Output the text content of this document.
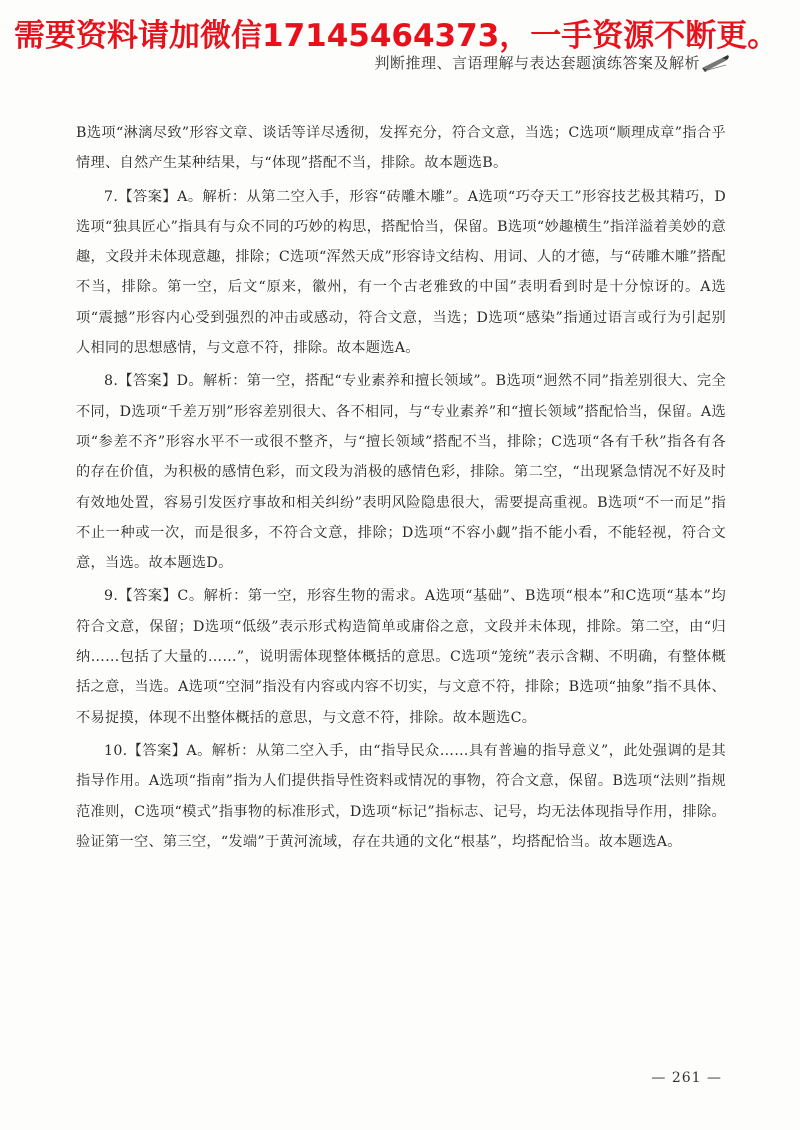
需要资料请加微信17145464373，一手资源不断更。
判断推理、言语理解与表达套题演练答案及解析

B选项“淋漓尽致”形容文章、谈话等详尽透彻，发挥充分，符合文意，当选；C选项“顺理成章”指合乎情理、自然产生某种结果，与“体现”搭配不当，排除。故本题选B。

7.【答案】A。解析：从第二空入手，形容“砖雕木雕”。A选项“巧夺天工”形容技艺极其精巧，D选项“独具匠心”指具有与众不同的巧妙的构思，搭配恰当，保留。B选项“妙趣横生”指洋溢着美妙的意趣，文段并未体现意趣，排除；C选项“浑然天成”形容诗文结构、用词、人的才德，与“砖雕木雕”搭配不当，排除。第一空，后文“原来，徽州，有一个古老雅致的中国”表明看到时是十分惊讶的。A选项“震撼”形容内心受到强烈的冲击或感动，符合文意，当选；D选项“感染”指通过语言或行为引起别人相同的思想感情，与文意不符，排除。故本题选A。

8.【答案】D。解析：第一空，搭配“专业素养和擅长领域”。B选项“迥然不同”指差别很大、完全不同，D选项“千差万别”形容差别很大、各不相同，与“专业素养”和“擅长领域”搭配恰当，保留。A选项“参差不齐”形容水平不一或很不整齐，与“擅长领域”搭配不当，排除；C选项“各有千秋”指各有各的存在价值，为积极的感情色彩，而文段为消极的感情色彩，排除。第二空，“出现紧急情况不好及时有效地处置，容易引发医疗事故和相关纠纷”表明风险隐患很大，需要提高重视。B选项“不一而足”指不止一种或一次，而是很多，不符合文意，排除；D选项“不容小觑”指不能小看，不能轻视，符合文意，当选。故本题选D。

9.【答案】C。解析：第一空，形容生物的需求。A选项“基础”、B选项“根本”和C选项“基本”均符合文意，保留；D选项“低级”表示形式构造简单或庸俗之意，文段并未体现，排除。第二空，由“归纳……包括了大量的……”，说明需体现整体概括的意思。C选项“笼统”表示含糊、不明确，有整体概括之意，当选。A选项“空洞”指没有内容或内容不切实，与文意不符，排除；B选项“抽象”指不具体、不易捉摸，体现不出整体概括的意思，与文意不符，排除。故本题选C。

10.【答案】A。解析：从第二空入手，由“指导民众……具有普遍的指导意义”，此处强调的是其指导作用。A选项“指南”指为人们提供指导性资料或情况的事物，符合文意，保留。B选项“法则”指规范准则，C选项“模式”指事物的标准形式，D选项“标记”指标志、记号，均无法体现指导作用，排除。验证第一空、第三空，“发端”于黄河流域，存在共通的文化“根基”，均搭配恰当。故本题选A。

— 261 —
